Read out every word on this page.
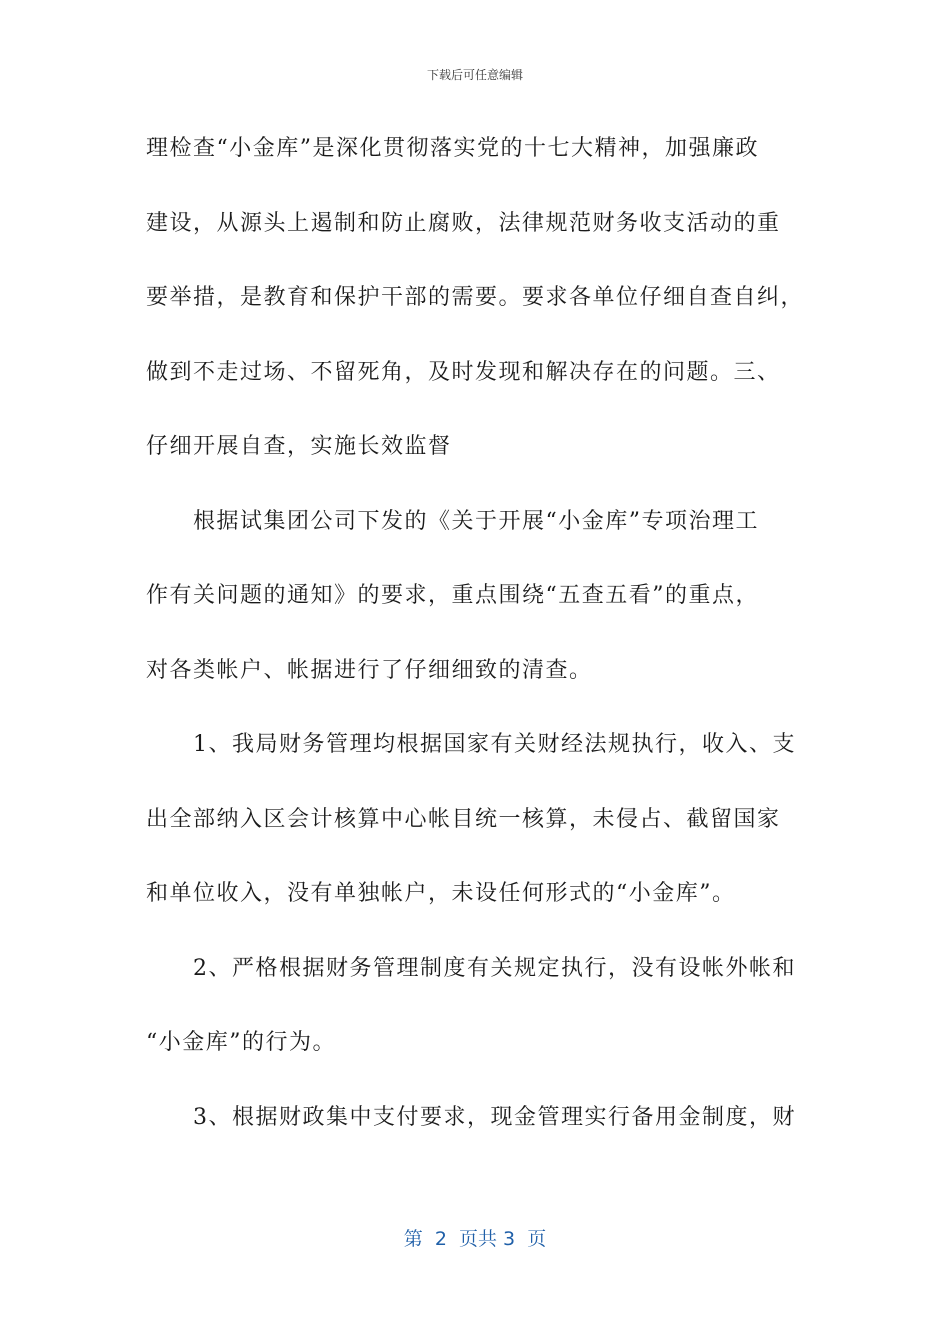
下载后可任意编辑
理检查“小金库”是深化贯彻落实党的十七大精神，加强廉政
建设，从源头上遏制和防止腐败，法律规范财务收支活动的重
要举措，是教育和保护干部的需要。要求各单位仔细自查自纠，
做到不走过场、不留死角，及时发现和解决存在的问题。三、
仔细开展自查，实施长效监督
　　根据试集团公司下发的《关于开展“小金库”专项治理工
作有关问题的通知》的要求，重点围绕“五查五看”的重点，
对各类帐户、帐据进行了仔细细致的清查。
　　1、我局财务管理均根据国家有关财经法规执行，收入、支
出全部纳入区会计核算中心帐目统一核算，未侵占、截留国家
和单位收入，没有单独帐户，未设任何形式的“小金库”。
　　2、严格根据财务管理制度有关规定执行，没有设帐外帐和
“小金库”的行为。
　　3、根据财政集中支付要求，现金管理实行备用金制度，财
第  2  页共 3  页
